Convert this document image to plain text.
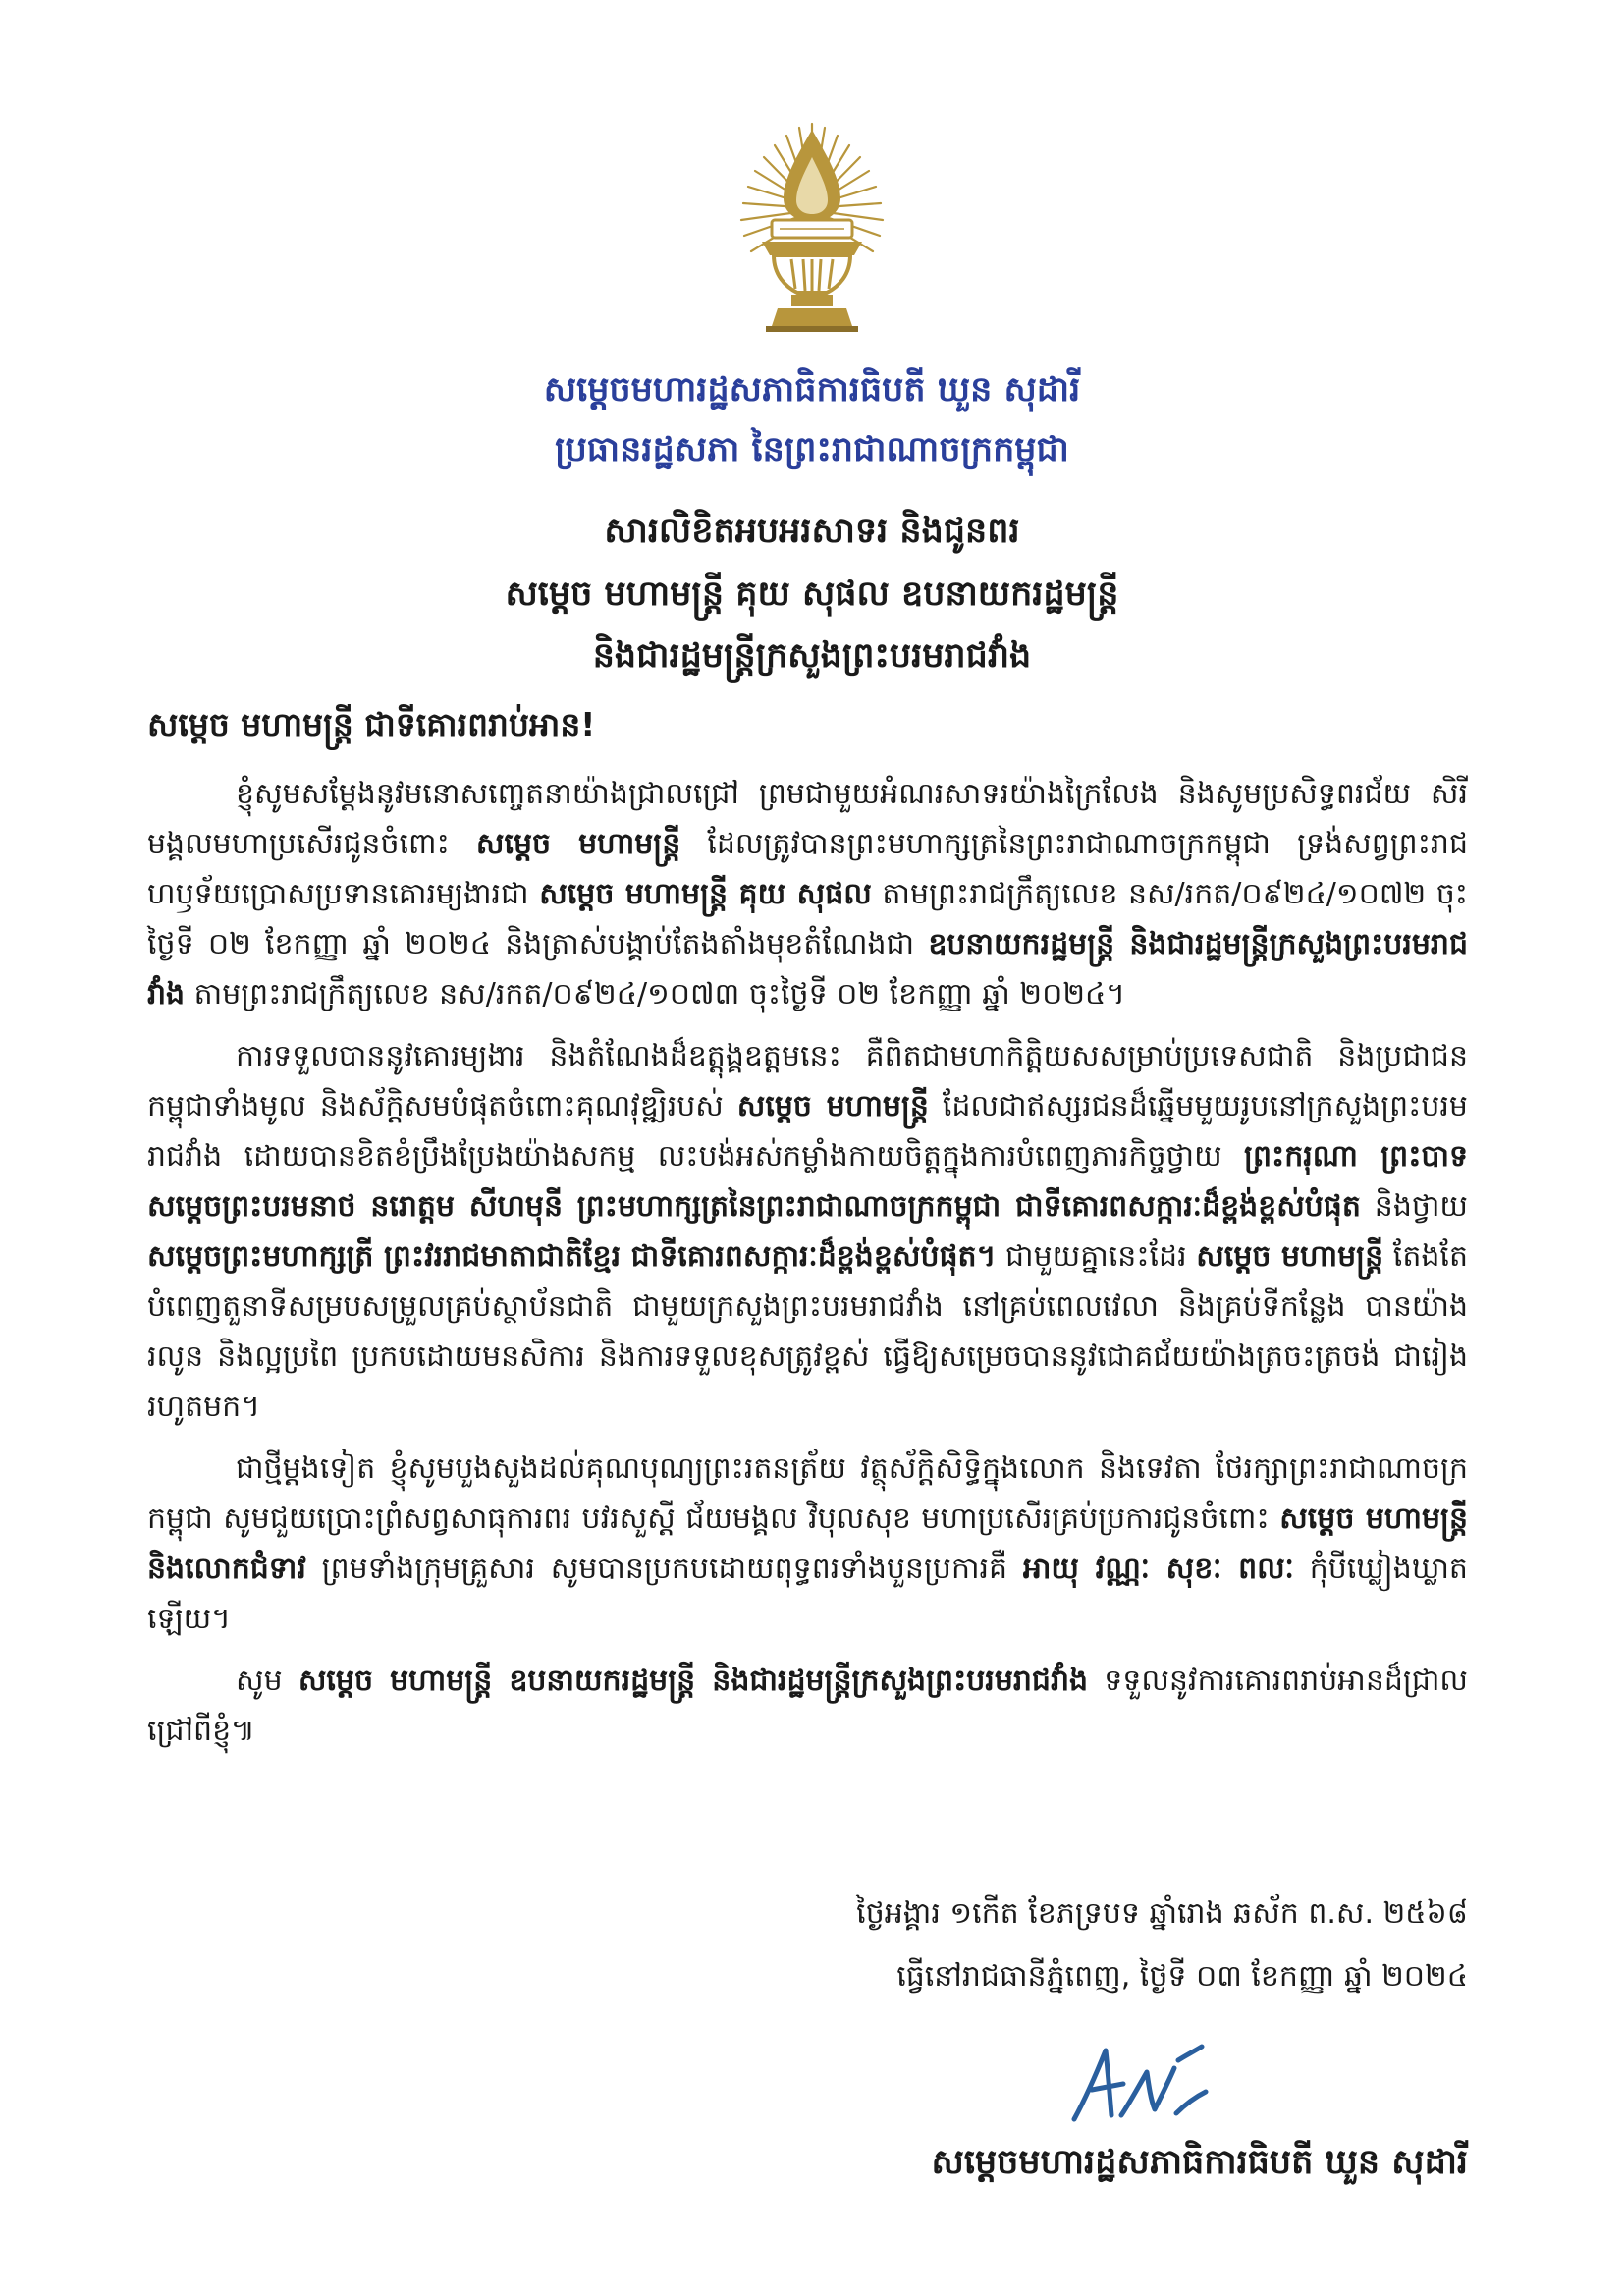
សម្ដេចមហារដ្ឋសភាធិការធិបតី ឃួន សុដារី
ប្រធានរដ្ឋសភា នៃព្រះរាជាណាចក្រកម្ពុជា
សារលិខិតអបអរសាទរ និងជូនពរ
សម្ដេច មហាមន្ត្រី គុយ សុផល ឧបនាយករដ្ឋមន្ត្រី
និងជារដ្ឋមន្ត្រីក្រសួងព្រះបរមរាជវាំង
សម្ដេច មហាមន្ត្រី ជាទីគោរពរាប់អាន!

ខ្ញុំសូមសម្ដែងនូវមនោសញ្ចេតនាយ៉ាងជ្រាលជ្រៅ ព្រមជាមួយអំណរសាទរយ៉ាងក្រៃលែង និងសូមប្រសិទ្ធពរជ័យ សិរីមង្គលមហាប្រសើរជូនចំពោះ សម្ដេច មហាមន្ត្រី ដែលត្រូវបានព្រះមហាក្សត្រនៃព្រះរាជាណាចក្រកម្ពុជា ទ្រង់សព្វព្រះរាជហឫទ័យប្រោសប្រទានគោរម្យងារជា សម្ដេច មហាមន្ត្រី គុយ សុផល តាមព្រះរាជក្រឹត្យលេខ នស/រកត/០៩២៤/១០៧២ ចុះថ្ងៃទី ០២ ខែកញ្ញា ឆ្នាំ ២០២៤ និងត្រាស់បង្គាប់តែងតាំងមុខតំណែងជា ឧបនាយករដ្ឋមន្ត្រី និងជារដ្ឋមន្ត្រីក្រសួងព្រះបរមរាជវាំង តាមព្រះរាជក្រឹត្យលេខ នស/រកត/០៩២៤/១០៧៣ ចុះថ្ងៃទី ០២ ខែកញ្ញា ឆ្នាំ ២០២៤។

ការទទួលបាននូវគោរម្យងារ និងតំណែងដ៏ឧត្តុង្គឧត្តមនេះ គឺពិតជាមហាកិត្តិយសសម្រាប់ប្រទេសជាតិ និងប្រជាជនកម្ពុជាទាំងមូល និងស័ក្តិសមបំផុតចំពោះគុណវុឌ្ឍិរបស់ សម្ដេច មហាមន្ត្រី ដែលជាឥស្សរជនដ៏ឆ្នើមមួយរូបនៅក្រសួងព្រះបរមរាជវាំង ដោយបានខិតខំប្រឹងប្រែងយ៉ាងសកម្ម លះបង់អស់កម្លាំងកាយចិត្តក្នុងការបំពេញភារកិច្ចថ្វាយ ព្រះករុណា ព្រះបាទសម្ដេចព្រះបរមនាថ នរោត្តម សីហមុនី ព្រះមហាក្សត្រនៃព្រះរាជាណាចក្រកម្ពុជា ជាទីគោរពសក្ការៈដ៏ខ្ពង់ខ្ពស់បំផុត និងថ្វាយ សម្ដេចព្រះមហាក្សត្រី ព្រះវររាជមាតាជាតិខ្មែរ ជាទីគោរពសក្ការៈដ៏ខ្ពង់ខ្ពស់បំផុត។ ជាមួយគ្នានេះដែរ សម្ដេច មហាមន្ត្រី តែងតែបំពេញតួនាទីសម្របសម្រួលគ្រប់ស្ថាប័នជាតិ ជាមួយក្រសួងព្រះបរមរាជវាំង នៅគ្រប់ពេលវេលា និងគ្រប់ទីកន្លែង បានយ៉ាងរលូន និងល្អប្រពៃ ប្រកបដោយមនសិការ និងការទទួលខុសត្រូវខ្ពស់ ធ្វើឱ្យសម្រេចបាននូវជោគជ័យយ៉ាងត្រចះត្រចង់ ជារៀងរហូតមក។

ជាថ្មីម្ដងទៀត ខ្ញុំសូមបួងសួងដល់គុណបុណ្យព្រះរតនត្រ័យ វត្ថុស័ក្តិសិទ្ធិក្នុងលោក និងទេវតា ថែរក្សាព្រះរាជាណាចក្រកម្ពុជា សូមជួយប្រោះព្រំសព្វសាធុការពរ បវរសួស្តី ជ័យមង្គល វិបុលសុខ មហាប្រសើរគ្រប់ប្រការជូនចំពោះ សម្ដេច មហាមន្ត្រី និងលោកជំទាវ ព្រមទាំងក្រុមគ្រួសារ សូមបានប្រកបដោយពុទ្ធពរទាំងបួនប្រការគឺ អាយុ វណ្ណៈ សុខៈ ពលៈ កុំបីឃ្លៀងឃ្លាតឡើយ។

សូម សម្ដេច មហាមន្ត្រី ឧបនាយករដ្ឋមន្ត្រី និងជារដ្ឋមន្ត្រីក្រសួងព្រះបរមរាជវាំង ទទួលនូវការគោរពរាប់អានដ៏ជ្រាលជ្រៅពីខ្ញុំ៕

ថ្ងៃអង្គារ ១កើត ខែភទ្របទ ឆ្នាំរោង ឆស័ក ព.ស. ២៥៦៨
ធ្វើនៅរាជធានីភ្នំពេញ, ថ្ងៃទី ០៣ ខែកញ្ញា ឆ្នាំ ២០២៤
សម្ដេចមហារដ្ឋសភាធិការធិបតី ឃួន សុដារី
